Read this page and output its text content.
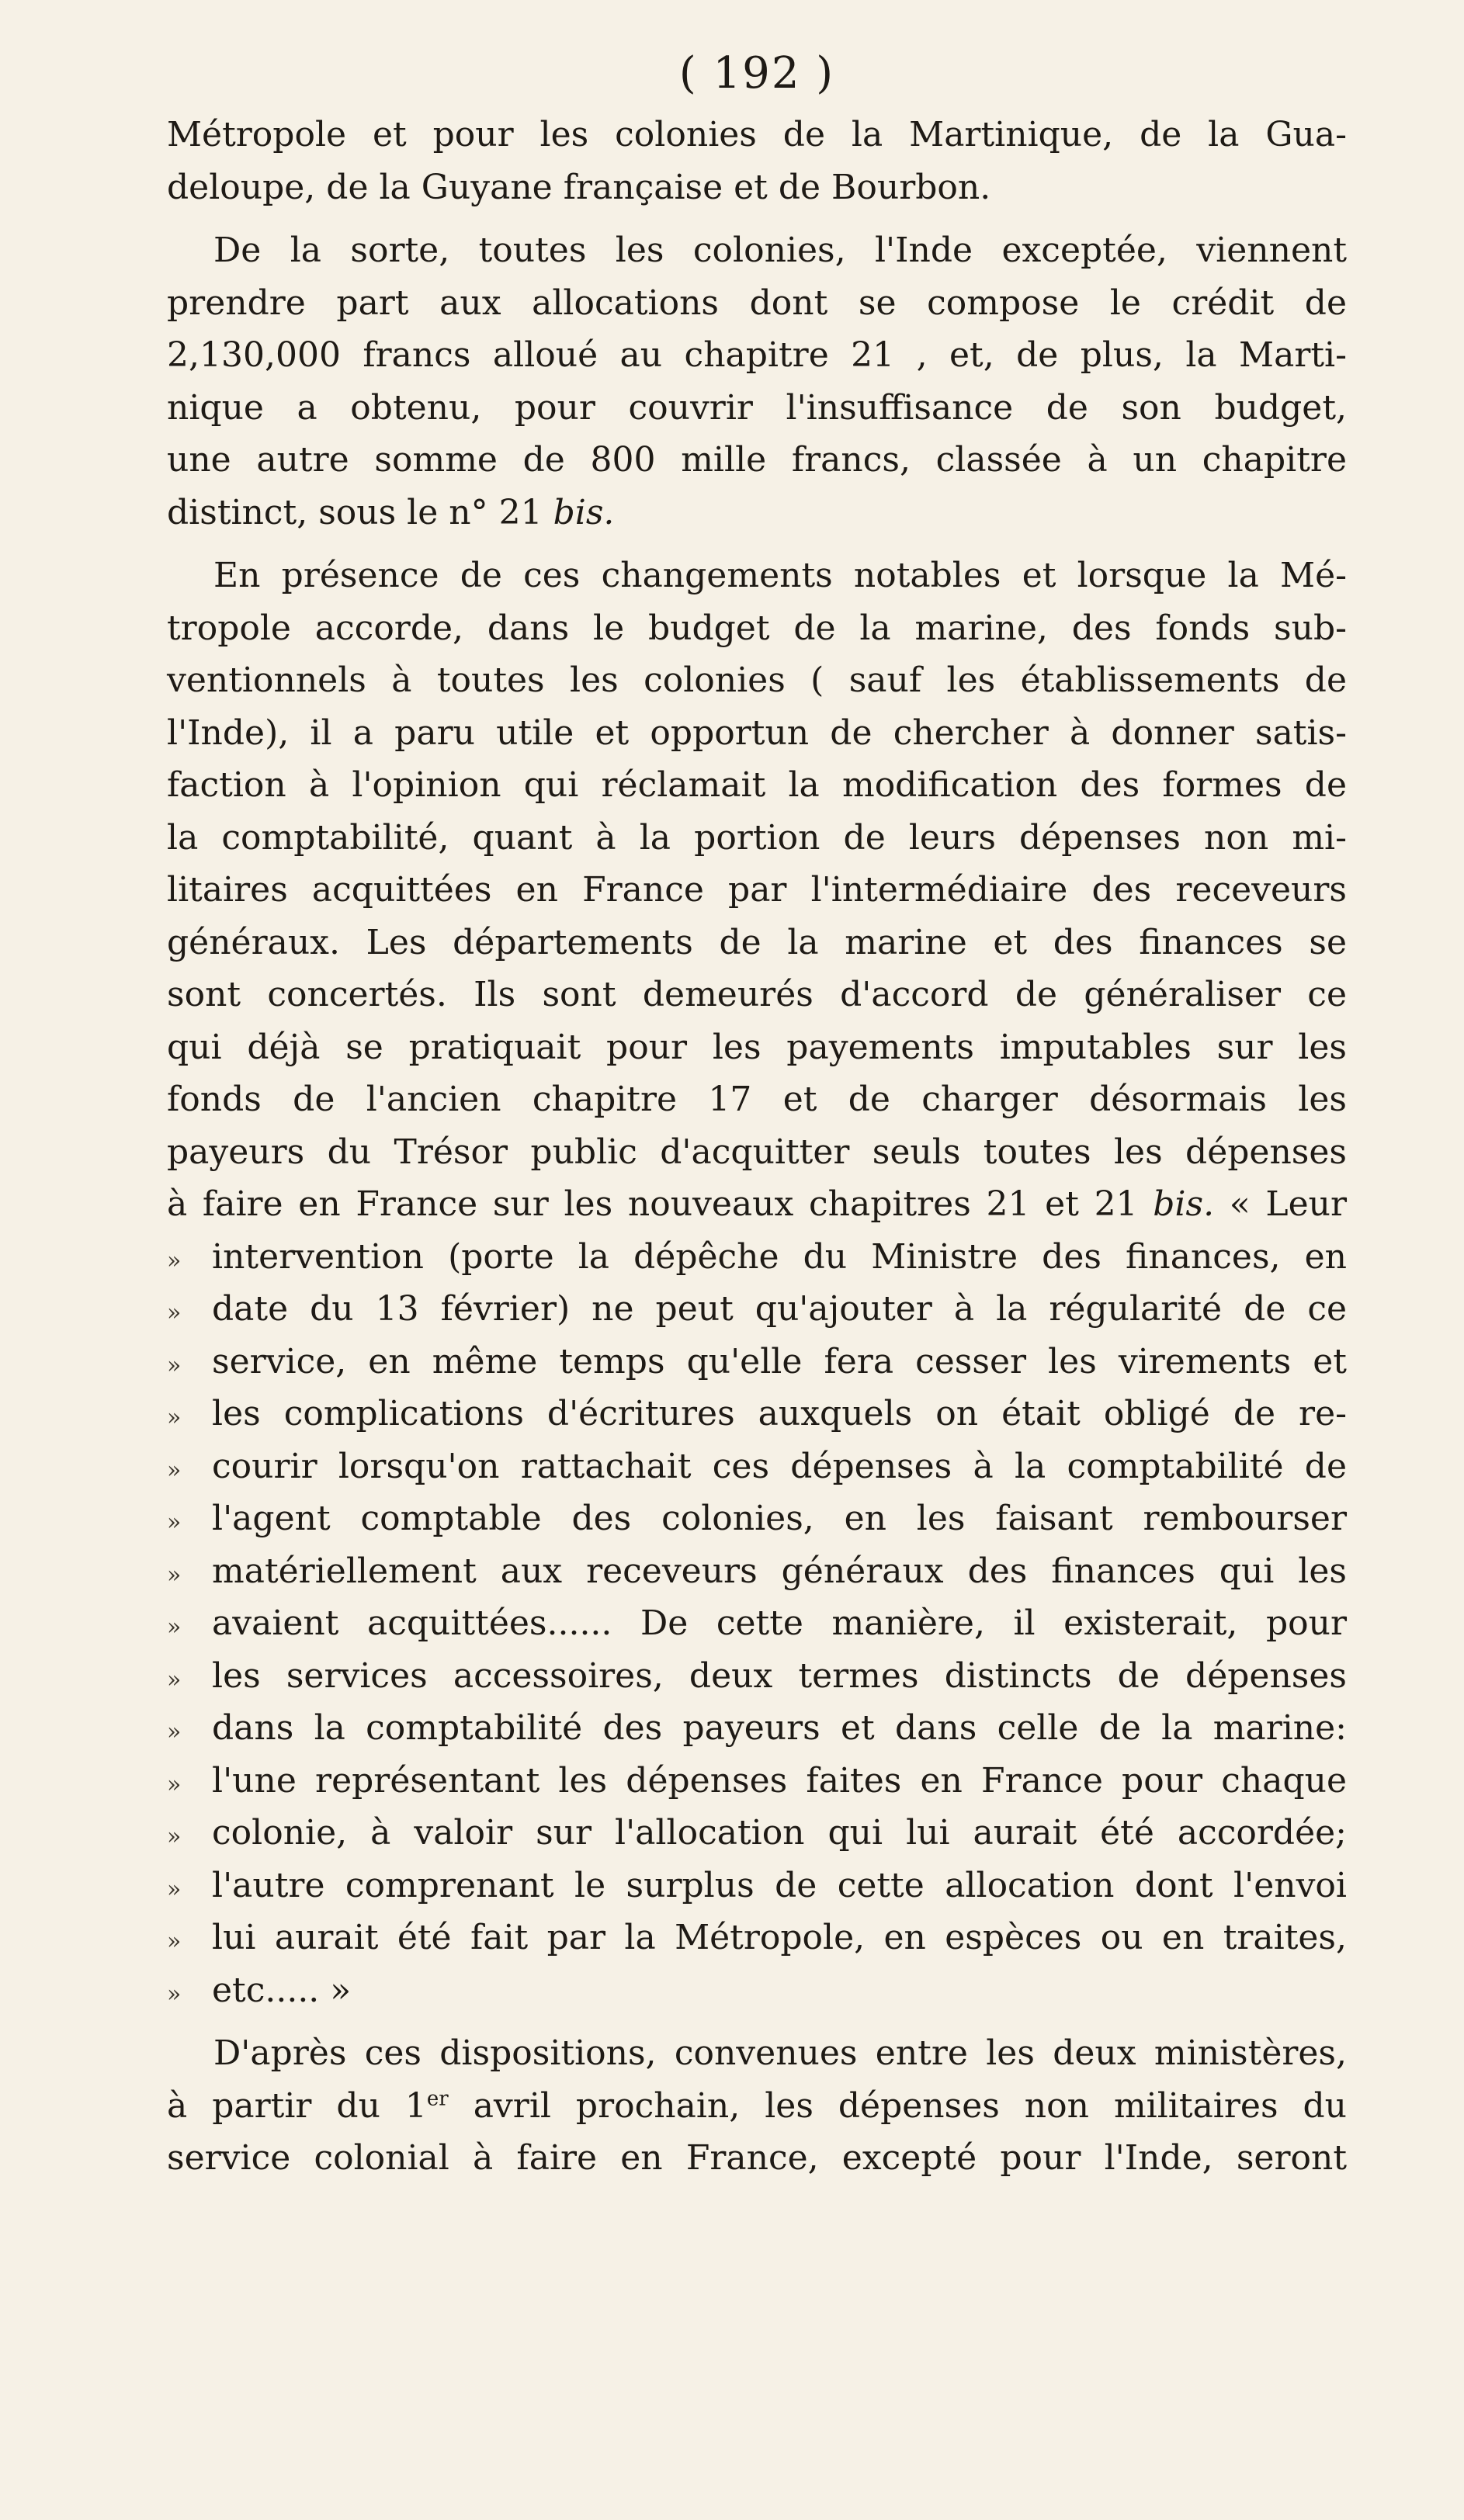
( 192 )
Métropole et pour les colonies de la Martinique, de la Gua-
deloupe, de la Guyane française et de Bourbon.
De la sorte, toutes les colonies, l'Inde exceptée, viennent
prendre part aux allocations dont se compose le crédit de
2,130,000 francs alloué au chapitre 21 , et, de plus, la Marti-
nique a obtenu, pour couvrir l'insuffisance de son budget,
une autre somme de 800 mille francs, classée à un chapitre
distinct, sous le n° 21 bis.
En présence de ces changements notables et lorsque la Mé-
tropole accorde, dans le budget de la marine, des fonds sub-
ventionnels à toutes les colonies ( sauf les établissements de
l'Inde), il a paru utile et opportun de chercher à donner satis-
faction à l'opinion qui réclamait la modification des formes de
la comptabilité, quant à la portion de leurs dépenses non mi-
litaires acquittées en France par l'intermédiaire des receveurs
généraux. Les départements de la marine et des finances se
sont concertés. Ils sont demeurés d'accord de généraliser ce
qui déjà se pratiquait pour les payements imputables sur les
fonds de l'ancien chapitre 17 et de charger désormais les
payeurs du Trésor public d'acquitter seuls toutes les dépenses
à faire en France sur les nouveaux chapitres 21 et 21 bis. « Leur
» intervention (porte la dépêche du Ministre des finances, en
» date du 13 février) ne peut qu'ajouter à la régularité de ce
» service, en même temps qu'elle fera cesser les virements et
» les complications d'écritures auxquels on était obligé de re-
» courir lorsqu'on rattachait ces dépenses à la comptabilité de
» l'agent comptable des colonies, en les faisant rembourser
» matériellement aux receveurs généraux des finances qui les
» avaient acquittées...... De cette manière, il existerait, pour
» les services accessoires, deux termes distincts de dépenses
» dans la comptabilité des payeurs et dans celle de la marine:
» l'une représentant les dépenses faites en France pour chaque
» colonie, à valoir sur l'allocation qui lui aurait été accordée;
» l'autre comprenant le surplus de cette allocation dont l'envoi
» lui aurait été fait par la Métropole, en espèces ou en traites,
» etc..... »
D'après ces dispositions, convenues entre les deux ministères,
à partir du 1er avril prochain, les dépenses non militaires du
service colonial à faire en France, excepté pour l'Inde, seront
